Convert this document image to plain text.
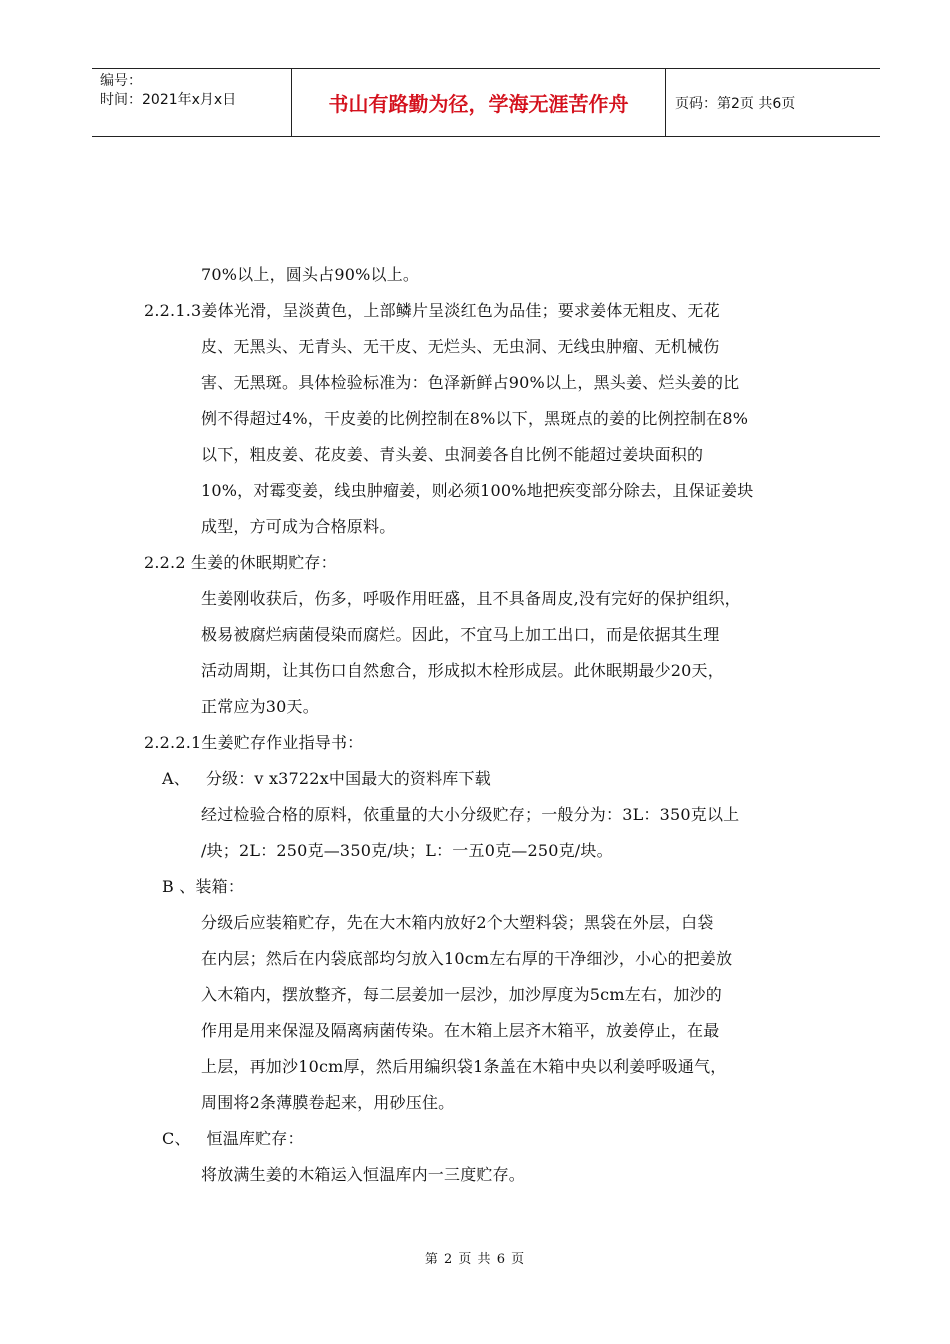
编号：
时间：2021年x月x日	书山有路勤为径，学海无涯苦作舟	页码：第2页 共6页
70%以上，圆头占90%以上。
2.2.1.3姜体光滑，呈淡黄色，上部鳞片呈淡红色为品佳；要求姜体无粗皮、无花
皮、无黑头、无青头、无干皮、无烂头、无虫洞、无线虫肿瘤、无机械伤
害、无黑斑。具体检验标准为：色泽新鲜占90%以上，黑头姜、烂头姜的比
例不得超过4%，干皮姜的比例控制在8%以下，黑斑点的姜的比例控制在8%
以下，粗皮姜、花皮姜、青头姜、虫洞姜各自比例不能超过姜块面积的
10%，对霉变姜，线虫肿瘤姜，则必须100%地把疾变部分除去，且保证姜块
成型，方可成为合格原料。
2.2.2 生姜的休眠期贮存：
生姜刚收获后，伤多，呼吸作用旺盛，且不具备周皮,没有完好的保护组织，
极易被腐烂病菌侵染而腐烂。因此，不宜马上加工出口，而是依据其生理
活动周期，让其伤口自然愈合，形成拟木栓形成层。此休眠期最少20天，
正常应为30天。
2.2.2.1生姜贮存作业指导书：
A、   分级：v x3722x中国最大的资料库下载
经过检验合格的原料，依重量的大小分级贮存；一般分为：3L：350克以上
/块；2L：250克—350克/块；L：一五0克—250克/块。
B 、装箱：
分级后应装箱贮存，先在大木箱内放好2个大塑料袋；黑袋在外层，白袋
在内层；然后在内袋底部均匀放入10cm左右厚的干净细沙，小心的把姜放
入木箱内，摆放整齐，每二层姜加一层沙，加沙厚度为5cm左右，加沙的
作用是用来保湿及隔离病菌传染。在木箱上层齐木箱平，放姜停止，在最
上层，再加沙10cm厚，然后用编织袋1条盖在木箱中央以利姜呼吸通气，
周围将2条薄膜卷起来，用砂压住。
C、   恒温库贮存：
将放满生姜的木箱运入恒温库内一三度贮存。
第 2 页 共 6 页
